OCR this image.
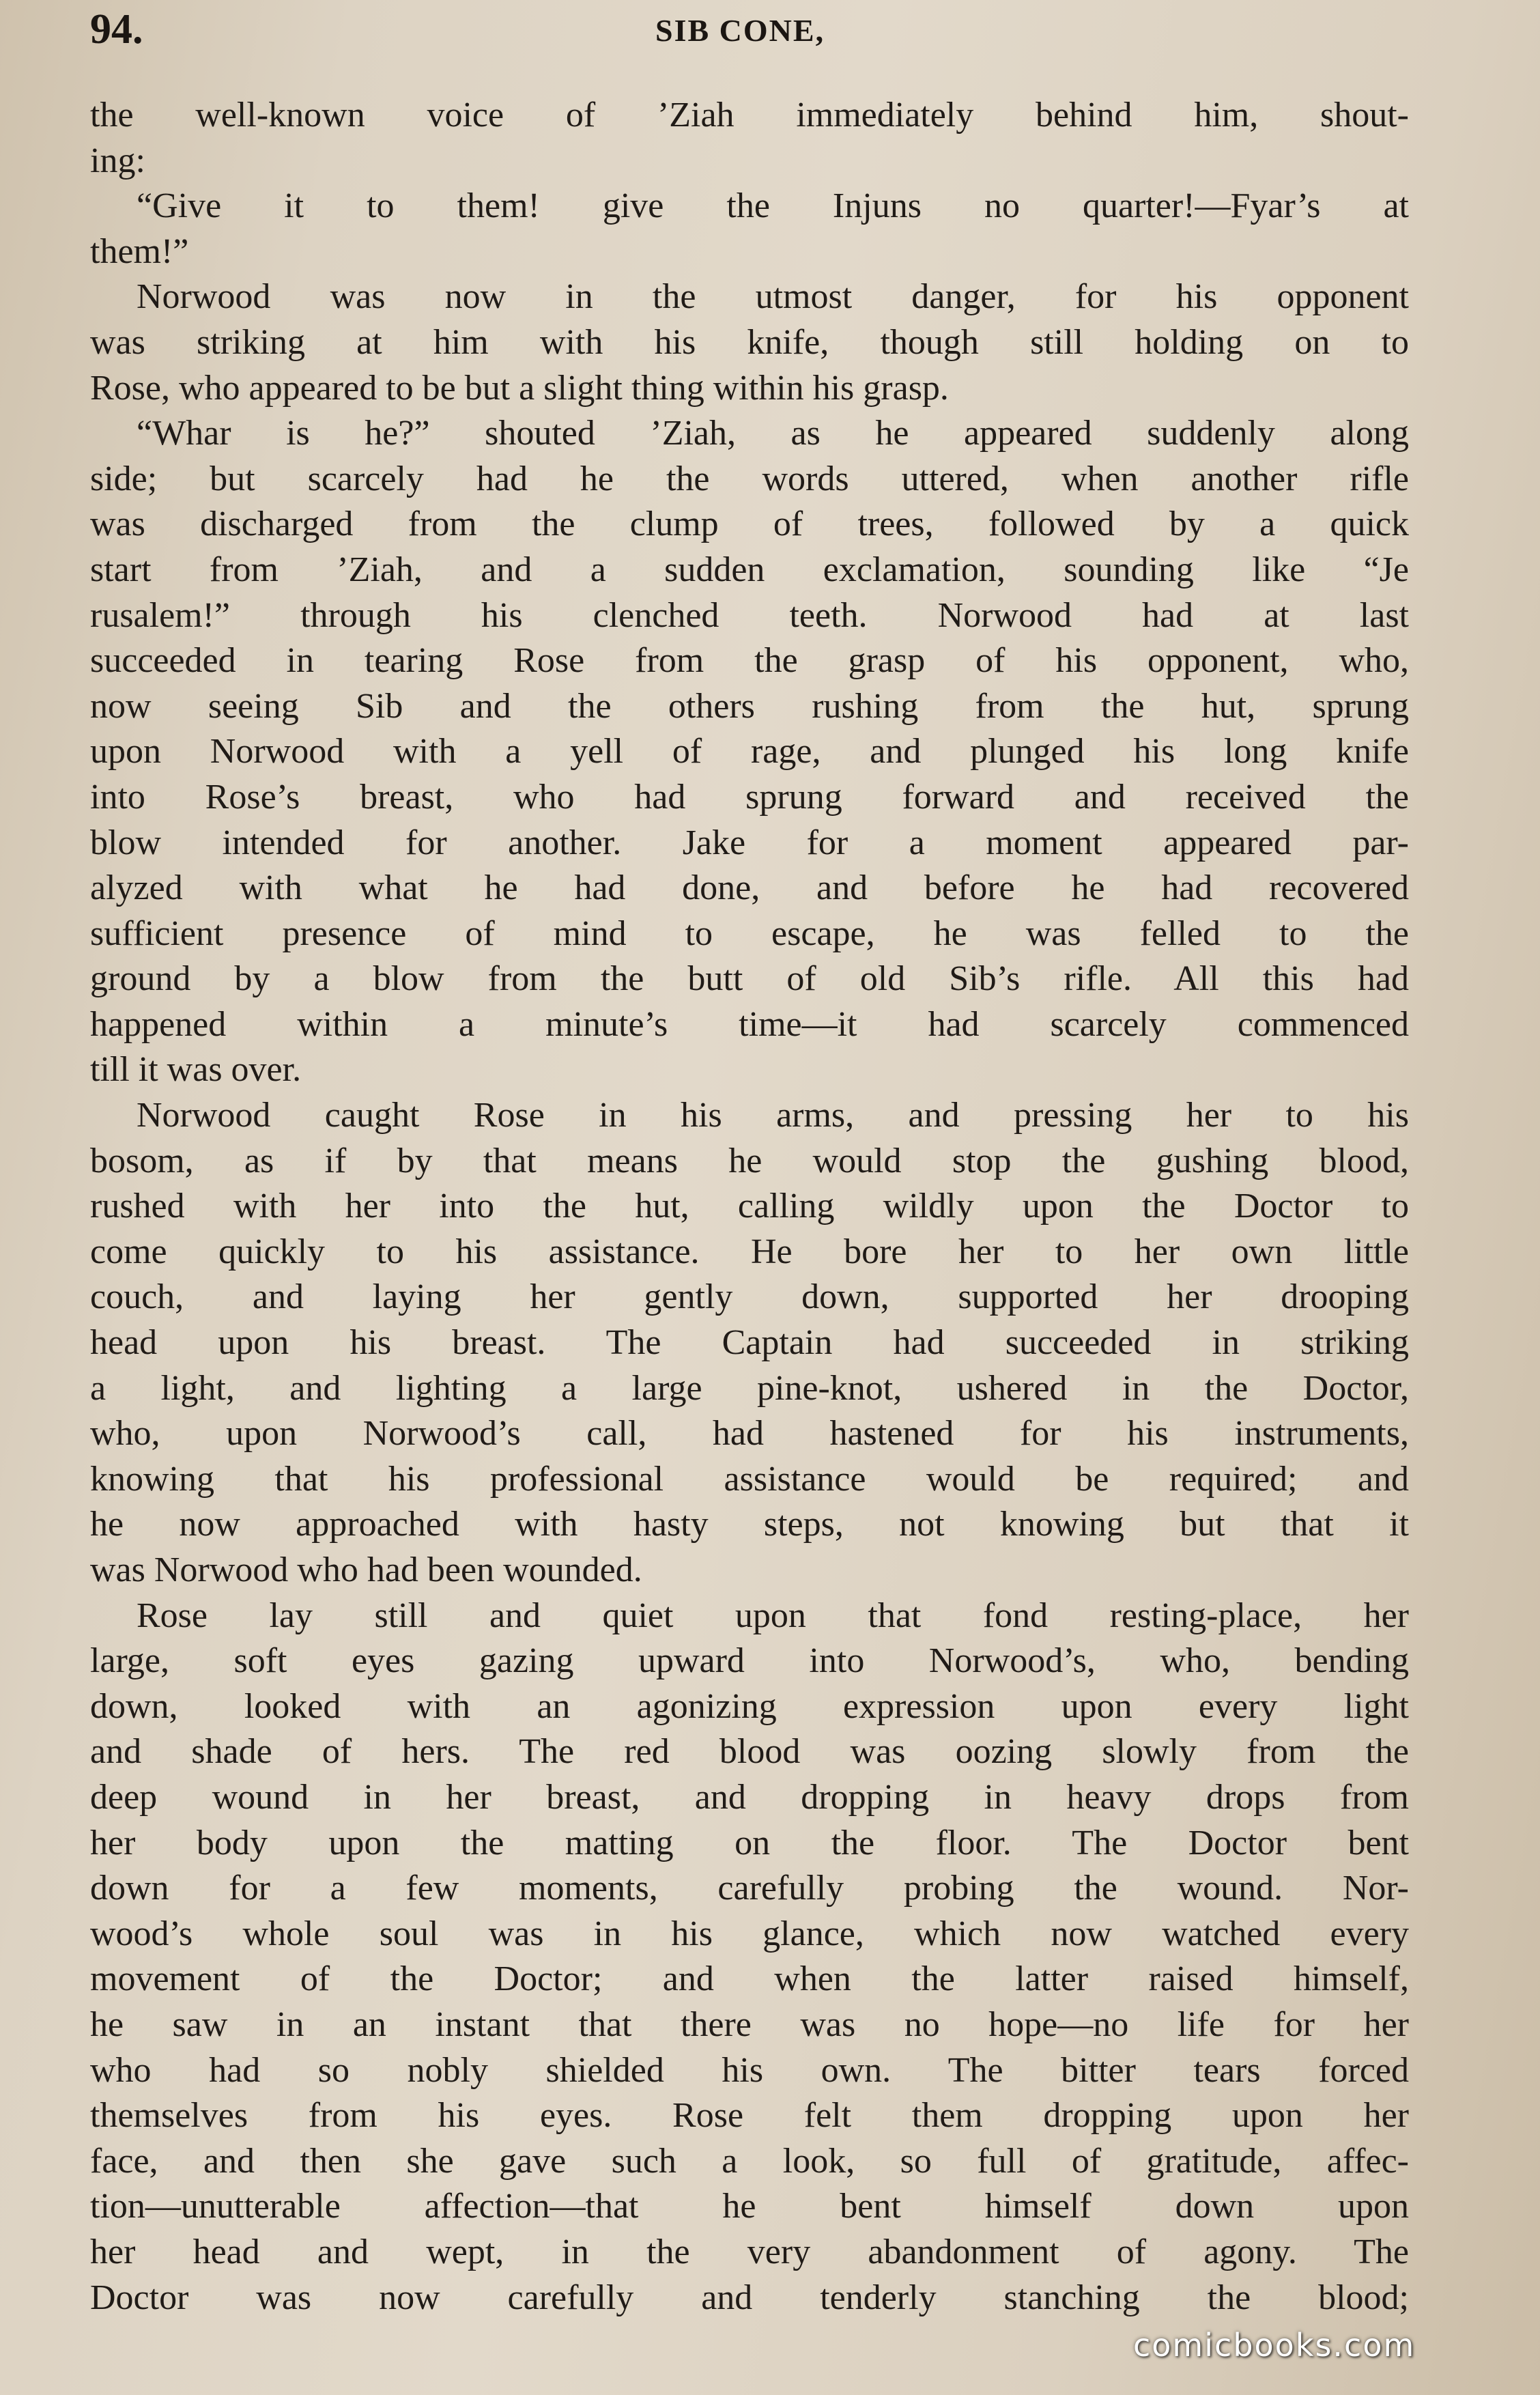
94.	SIB CONE,
the well-known voice of ’Ziah immediately behind him, shout-
ing:
“Give it to them! give the Injuns no quarter!—Fyar’s at
them!”
Norwood was now in the utmost danger, for his opponent
was striking at him with his knife, though still holding on to
Rose, who appeared to be but a slight thing within his grasp.
“Whar is he?” shouted ’Ziah, as he appeared suddenly along
side; but scarcely had he the words uttered, when another rifle
was discharged from the clump of trees, followed by a quick
start from ’Ziah, and a sudden exclamation, sounding like “Je
rusalem!” through his clenched teeth. Norwood had at last
succeeded in tearing Rose from the grasp of his opponent, who,
now seeing Sib and the others rushing from the hut, sprung
upon Norwood with a yell of rage, and plunged his long knife
into Rose’s breast, who had sprung forward and received the
blow intended for another. Jake for a moment appeared par-
alyzed with what he had done, and before he had recovered
sufficient presence of mind to escape, he was felled to the
ground by a blow from the butt of old Sib’s rifle. All this had
happened within a minute’s time—it had scarcely commenced
till it was over.
Norwood caught Rose in his arms, and pressing her to his
bosom, as if by that means he would stop the gushing blood,
rushed with her into the hut, calling wildly upon the Doctor to
come quickly to his assistance. He bore her to her own little
couch, and laying her gently down, supported her drooping
head upon his breast. The Captain had succeeded in striking
a light, and lighting a large pine-knot, ushered in the Doctor,
who, upon Norwood’s call, had hastened for his instruments,
knowing that his professional assistance would be required; and
he now approached with hasty steps, not knowing but that it
was Norwood who had been wounded.
Rose lay still and quiet upon that fond resting-place, her
large, soft eyes gazing upward into Norwood’s, who, bending
down, looked with an agonizing expression upon every light
and shade of hers. The red blood was oozing slowly from the
deep wound in her breast, and dropping in heavy drops from
her body upon the matting on the floor. The Doctor bent
down for a few moments, carefully probing the wound. Nor-
wood’s whole soul was in his glance, which now watched every
movement of the Doctor; and when the latter raised himself,
he saw in an instant that there was no hope—no life for her
who had so nobly shielded his own. The bitter tears forced
themselves from his eyes. Rose felt them dropping upon her
face, and then she gave such a look, so full of gratitude, affec-
tion—unutterable affection—that he bent himself down upon
her head and wept, in the very abandonment of agony. The
Doctor was now carefully and tenderly stanching the blood;
comicbooks.com
